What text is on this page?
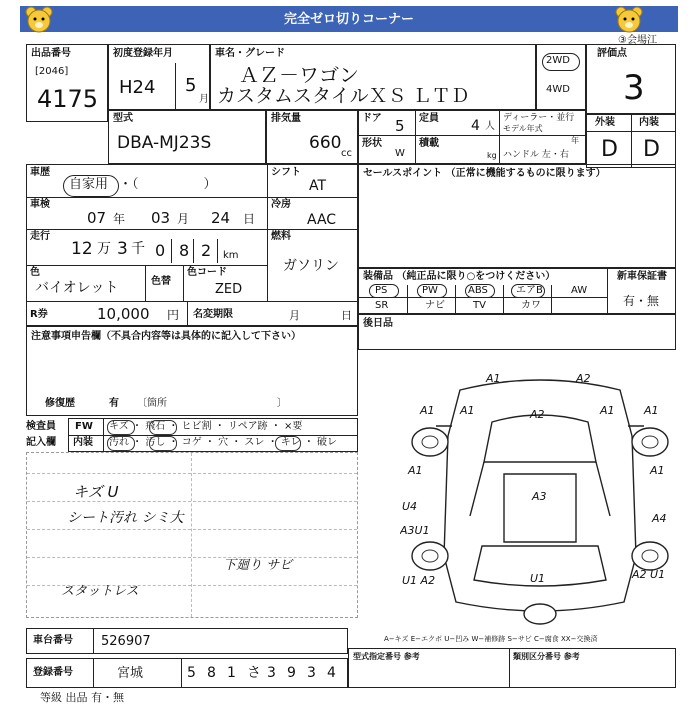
完全ゼロ切りコーナー
③会場江
出品番号
[2046]
4175
初度登録年月
H24 5
月
車名・グレード
ＡＺ－ワゴン
カスタムスタイルＸＳ ＬＴＤ
2WD
4WD
評価点
3
外装 内装
D D
型式
DBA-MJ23S
排気量
660
cc
ドア 5 定員 4 人
ディーラー・並行
形状
W
積載
kg
モデル年式
年
ハンドル 左・右
車歴
自家用 ・（　　　　　）
シフト
AT
車検
07 年 03 月 24 日
冷房
AAC
走行
12 万 3 千 0 8 2 km
燃料
ガソリン
色
バイオレット	色替
色コード
ZED
R券	10,000 円 名変期限	月	日
セールスポイント （正常に機能するものに限ります）
装備品 （純正品に限り○をつけください）	新車保証書
有・無
PS	PW	ABS	エアB	AW
SR	ナビ	TV	カワ
後日品
注意事項申告欄（不具合内容等は具体的に記入して下さい）
修復歴	有 〔箇所　　　　　　　　　　　〕
検査員
記入欄
FW
内装
キズ ・ 飛石 ・ ヒビ割 ・ リペア跡 ・ ×要
汚れ ・ 汚し ・ コゲ ・ 穴 ・ スレ ・ キレ ・ 破レ
キズ U
シート汚れ シミ大
下廻り サビ
スタットレス
A1	A2
A1 A1	A2	A1	A1
A1	A1
A3
U4
A4
A3U1
U1 A2	U1	A2 U1
A−キズ E−エクボ U−凹み W−補修跡 S−サビ C−腐食 XX−交換済
車台番号 526907
登録番号	宮城	5 8 1 さ 3 9 3 4
型式指定番号 参考	類別区分番号 参考
等級 出品 有・無
